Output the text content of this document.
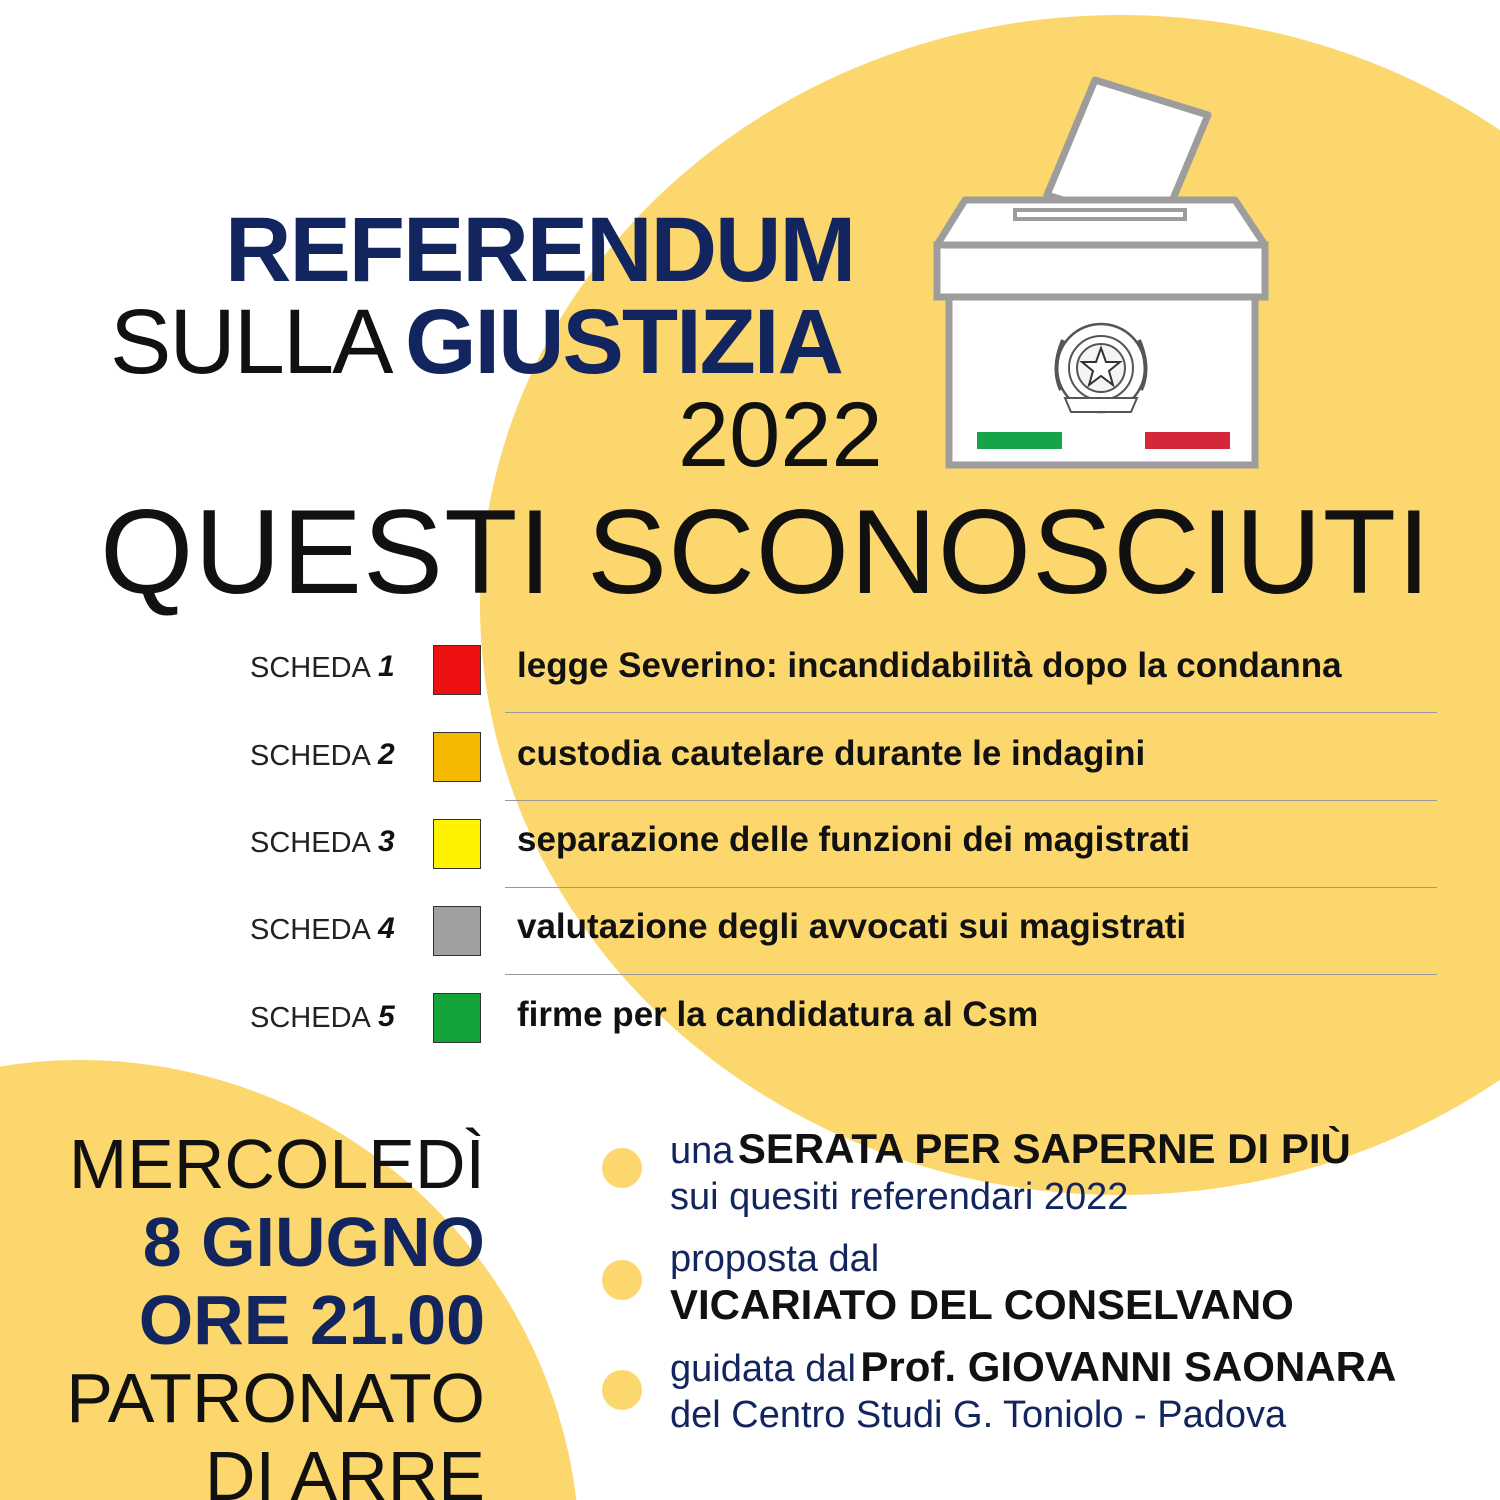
REFERENDUM
SULLA GIUSTIZIA
2022
QUESTI SCONOSCIUTI
SCHEDA 1	legge Severino: incandidabilità dopo la condanna
SCHEDA 2	custodia cautelare durante le indagini
SCHEDA 3	separazione delle funzioni dei magistrati
SCHEDA 4	valutazione degli avvocati sui magistrati
SCHEDA 5	firme per la candidatura al Csm
MERCOLEDÌ
8 GIUGNO
ORE 21.00
PATRONATO
DI ARRE
una SERATA PER SAPERNE DI PIÙ
sui quesiti referendari 2022
proposta dal
VICARIATO DEL CONSELVANO
guidata dal Prof. GIOVANNI SAONARA
del Centro Studi G. Toniolo - Padova
